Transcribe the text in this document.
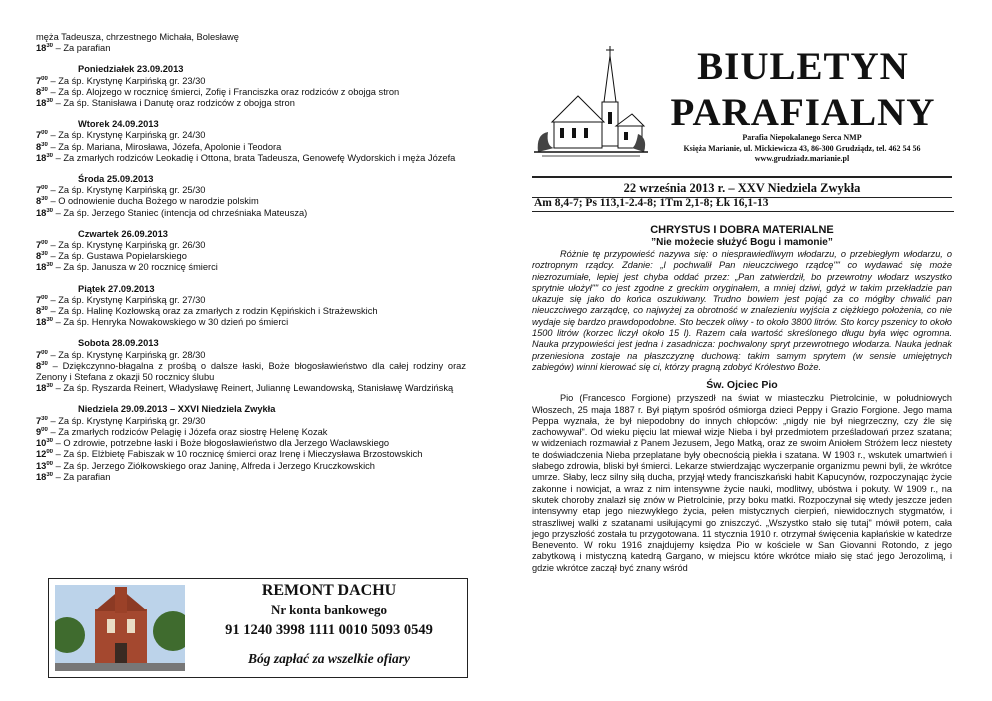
męża Tadeusza, chrzestnego Michała, Bolesławę
$18^{30}$ – Za parafian
Poniedziałek 23.09.2013
$7^{00}$ – Za śp. Krystynę Karpińską gr. 23/30
$8^{30}$ – Za śp. Alojzego w rocznicę śmierci, Zofię i Franciszka oraz rodziców z obojga stron
$18^{30}$ – Za śp. Stanisława i Danutę oraz rodziców z obojga stron
Wtorek 24.09.2013
$7^{00}$ – Za śp. Krystynę Karpińską gr. 24/30
$8^{30}$ – Za śp. Mariana, Mirosława, Józefa, Apolonie i Teodora
$18^{30}$ – Za zmarłych rodziców Leokadię i Ottona, brata Tadeusza, Genowefę Wydorskich i męża Józefa
Środa 25.09.2013
$7^{00}$ – Za śp. Krystynę Karpińską gr. 25/30
$8^{30}$ – O odnowienie ducha Bożego w narodzie polskim
$18^{30}$ – Za śp. Jerzego Staniec (intencja od chrześniaka Mateusza)
Czwartek 26.09.2013
$7^{00}$ – Za śp. Krystynę Karpińską gr. 26/30
$8^{30}$ – Za śp. Gustawa Popielarskiego
$18^{30}$ – Za śp. Janusza w 20 rocznicę śmierci
Piątek 27.09.2013
$7^{00}$ – Za śp. Krystynę Karpińską gr. 27/30
$8^{30}$ – Za śp. Halinę Kozłowską oraz za zmarłych z rodzin Kępińskich i Strażewskich
$18^{30}$ – Za śp. Henryka Nowakowskiego w 30 dzień po śmierci
Sobota 28.09.2013
$7^{00}$ – Za śp. Krystynę Karpińską gr. 28/30
$8^{30}$ – Dziękczynno-błagalna z prośbą o dalsze łaski, Boże błogosławieństwo dla całej rodziny oraz Zenony i Stefana z okazji 50 rocznicy ślubu
$18^{30}$ – Za śp. Ryszarda Reinert, Władysławę Reinert, Juliannę Lewandowską, Stanisławę Wardzińską
Niedziela 29.09.2013 – XXVI Niedziela Zwykła
$7^{30}$ – Za śp. Krystynę Karpińską gr. 29/30
$9^{00}$ – Za zmarłych rodziców Pelagię i Józefa oraz siostrę Helenę Kozak
$10^{30}$ – O zdrowie, potrzebne łaski i Boże błogosławieństwo dla Jerzego Wacławskiego
$12^{00}$ – Za śp. Elżbietę Fabiszak w 10 rocznicę śmierci oraz Irenę i Mieczysława Brzostowskich
$13^{00}$ – Za śp. Jerzego Ziółkowskiego oraz Janinę, Alfreda i Jerzego Kruczkowskich
$18^{30}$ – Za parafian
REMONT DACHU
Nr konta bankowego
91 1240 3998 1111 0010 5093 0549
Bóg zapłać za wszelkie ofiary
BIULETYN
PARAFIALNY
Parafia Niepokalanego Serca NMP
Księża Marianie, ul. Mickiewicza 43, 86-300 Grudziądz, tel. 462 54 56
www.grudziadz.marianie.pl
22 września 2013 r. – XXV Niedziela Zwykła
Am 8,4-7; Ps 113,1-2.4-8; 1Tm 2,1-8; Łk 16,1-13
CHRYSTUS I DOBRA MATERIALNE
”Nie możecie służyć Bogu i mamonie”

Różnie tę przypowieść nazywa się: o niesprawiedliwym włodarzu, o przebiegłym włodarzu, o roztropnym rządcy. Zdanie: „I pochwalił Pan nieuczciwego rządcę"" co wydawać się może niezrozumiałe, lepiej jest chyba oddać przez: „Pan zatwierdził, bo przewrotny włodarz wszystko sprytnie ułożył"" co jest zgodne z greckim oryginałem, a mniej dziwi, gdyż w takim przekładzie pan ukazuje się jako do końca oszukiwany. Trudno bowiem jest pojąć za co mógłby chwalić pan nieuczciwego zarządcę, co najwyżej za obrotność w znalezieniu wyjścia z ciężkiego położenia, co nie wydaje się bardzo prawdopodobne. Sto beczek oliwy - to około 3800 litrów. Sto korcy pszenicy to około 1500 litrów (korzec liczył około 15 l). Razem cała wartość skreślonego długu była więc ogromna. Nauka przypowieści jest jedna i zasadnicza: pochwalony spryt przewrotnego włodarza. Nauka jednak przeniesiona zostaje na płaszczyznę duchową: takim samym sprytem (w sensie umiejętnych zabiegów) winni kierować się ci, którzy pragną zdobyć Królestwo Boże.

Św. Ojciec Pio

Pio (Francesco Forgione) przyszedł na świat w miasteczku Pietrolcinie, w południowych Włoszech, 25 maja 1887 r. Był piątym spośród ośmiorga dzieci Peppy i Grazio Forgione. Jego mama Peppa wyznała, że był niepodobny do innych chłopców: „nigdy nie był niegrzeczny, czy źle się zachowywał". Od wieku pięciu lat miewał wizje Nieba i był przedmiotem prześladowań przez szatana; w widzeniach rozmawiał z Panem Jezusem, Jego Matką, oraz ze swoim Aniołem Stróżem lecz niestety te doświadczenia Nieba przeplatane były obecnością piekła i szatana. W 1903 r., wskutek umartwień i słabego zdrowia, bliski był śmierci. Lekarze stwierdzając wyczerpanie organizmu pewni byli, że wkrótce umrze. Słaby, lecz silny siłą ducha, przyjął wtedy franciszkański habit Kapucynów, rozpoczynając życie zakonne i nowicjat, a wraz z nim intensywne życie nauki, modlitwy, ubóstwa i pokuty. W 1909 r., na skutek choroby znalazł się znów w Pietrolcinie, przy boku matki. Rozpoczynał się wtedy jeszcze jeden intensywny etap jego niezwykłego życia, pełen mistycznych cierpień, niewidocznych stygmatów, i straszliwej walki z szatanami usiłującymi go zniszczyć. „Wszystko stało się tutaj" mówił potem, cała jego przyszłość została tu przygotowana. 11 stycznia 1910 r. otrzymał święcenia kapłańskie w katedrze Benevento. W roku 1916 znajdujemy księdza Pio w kościele w San Giovanni Rotondo, z jego zabytkową i mistyczną katedrą Gargano, w miejscu które wkrótce miało się stać jego Jerozolimą, i gdzie wkrótce zaczął być znany wśród
